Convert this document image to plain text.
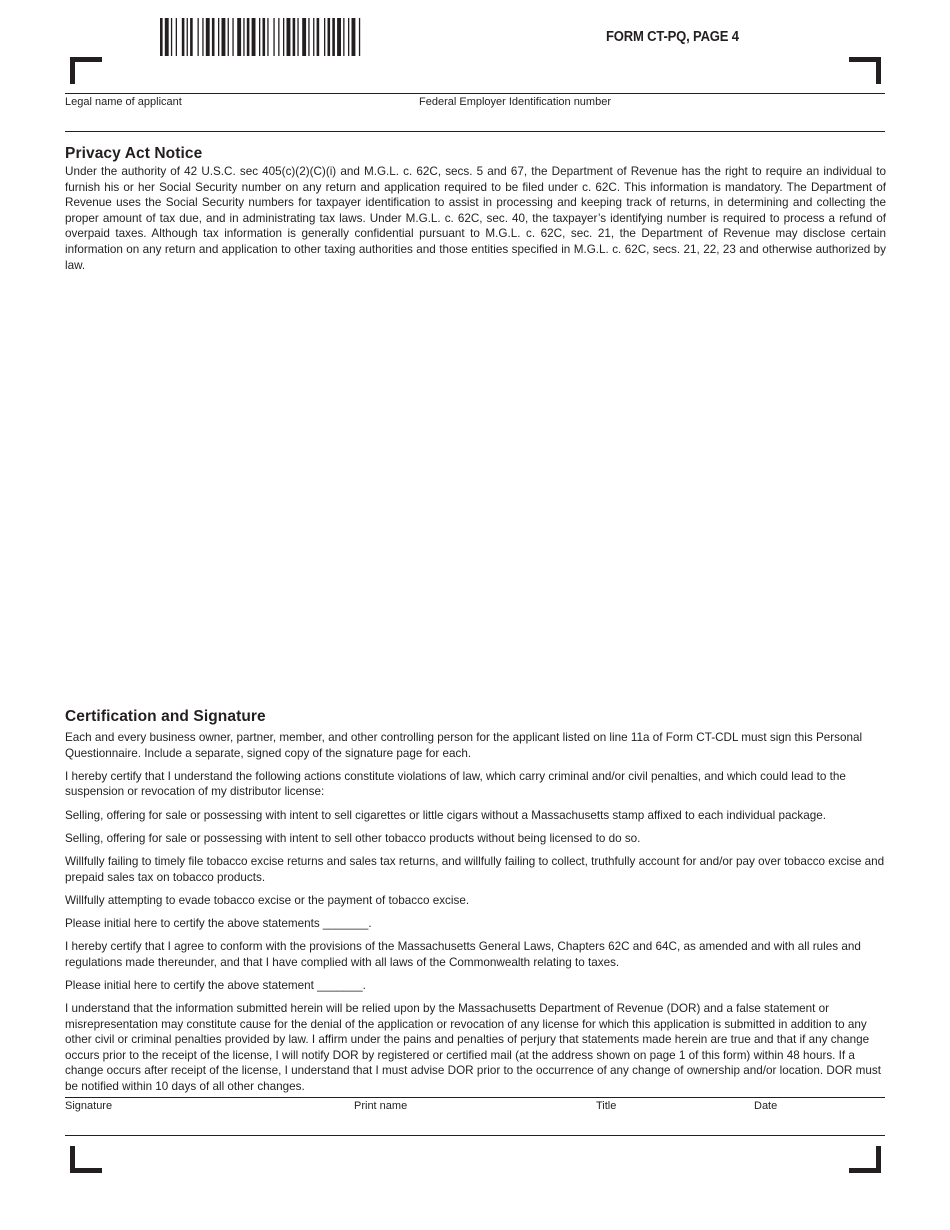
FORM CT-PQ, PAGE 4
Legal name of applicant	Federal Employer Identification number
Privacy Act Notice

Under the authority of 42 U.S.C. sec 405(c)(2)(C)(i) and M.G.L. c. 62C, secs. 5 and 67, the Department of Revenue has the right to require an individual to furnish his or her Social Security number on any return and application required to be filed under c. 62C. This information is mandatory. The Department of Revenue uses the Social Security numbers for taxpayer identification to assist in processing and keeping track of returns, in determining and collecting the proper amount of tax due, and in administrating tax laws. Under M.G.L. c. 62C, sec. 40, the taxpayer’s identifying number is required to process a refund of overpaid taxes. Although tax information is generally confidential pursuant to M.G.L. c. 62C, sec. 21, the Department of Revenue may disclose certain information on any return and application to other taxing authorities and those entities specified in M.G.L. c. 62C, secs. 21, 22, 23 and otherwise authorized by law.

Certification and Signature

Each and every business owner, partner, member, and other controlling person for the applicant listed on line 11a of Form CT-CDL must sign this Personal Questionnaire. Include a separate, signed copy of the signature page for each.

I hereby certify that I understand the following actions constitute violations of law, which carry criminal and/or civil penalties, and which could lead to the suspension or revocation of my distributor license:

Selling, offering for sale or possessing with intent to sell cigarettes or little cigars without a Massachusetts stamp affixed to each individual package.

Selling, offering for sale or possessing with intent to sell other tobacco products without being licensed to do so.

Willfully failing to timely file tobacco excise returns and sales tax returns, and willfully failing to collect, truthfully account for and/or pay over tobacco excise and prepaid sales tax on tobacco products.

Willfully attempting to evade tobacco excise or the payment of tobacco excise.

Please initial here to certify the above statements _______.

I hereby certify that I agree to conform with the provisions of the Massachusetts General Laws, Chapters 62C and 64C, as amended and with all rules and regulations made thereunder, and that I have complied with all laws of the Commonwealth relating to taxes.

Please initial here to certify the above statement _______.

I understand that the information submitted herein will be relied upon by the Massachusetts Department of Revenue (DOR) and a false statement or misrepresentation may constitute cause for the denial of the application or revocation of any license for which this application is submitted in addition to any other civil or criminal penalties provided by law. I affirm under the pains and penalties of perjury that statements made herein are true and that if any change occurs prior to the receipt of the license, I will notify DOR by registered or certified mail (at the address shown on page 1 of this form) within 48 hours. If a change occurs after receipt of the license, I understand that I must advise DOR prior to the occurrence of any change of ownership and/or location. DOR must be notified within 10 days of all other changes.

Signature	Print name	Title	Date
